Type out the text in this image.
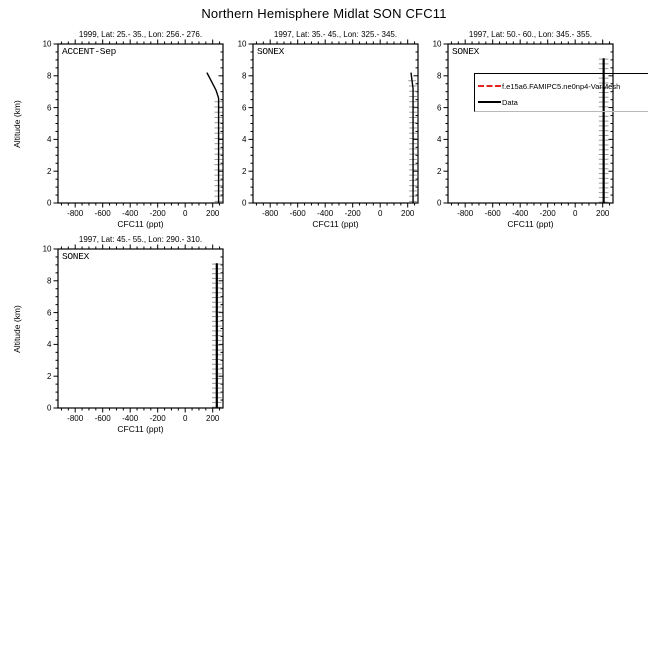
Northern Hemisphere Midlat SON CFC11
1999, Lat: 25.- 35., Lon: 256.- 276.
Altitude (km)
-800 -600 -400 -200 0 200
0
2
4
6
8
10
ACCENT-Sep
CFC11 (ppt)
1997, Lat: 35.- 45., Lon: 325.- 345.
-800 -600 -400 -200 0 200
0
2
4
6
8
10
SONEX
CFC11 (ppt)
1997, Lat: 50.- 60., Lon: 345.- 355.
-800 -600 -400 -200 0 200
0
2
4
6
8
10
SONEX
CFC11 (ppt)
1997, Lat: 45.- 55., Lon: 290.- 310.
Altitude (km)
-800 -600 -400 -200 0 200
0
2
4
6
8
10
SONEX
CFC11 (ppt)
f.e15a6.FAMIPC5.ne0np4-VarMesh
Data
